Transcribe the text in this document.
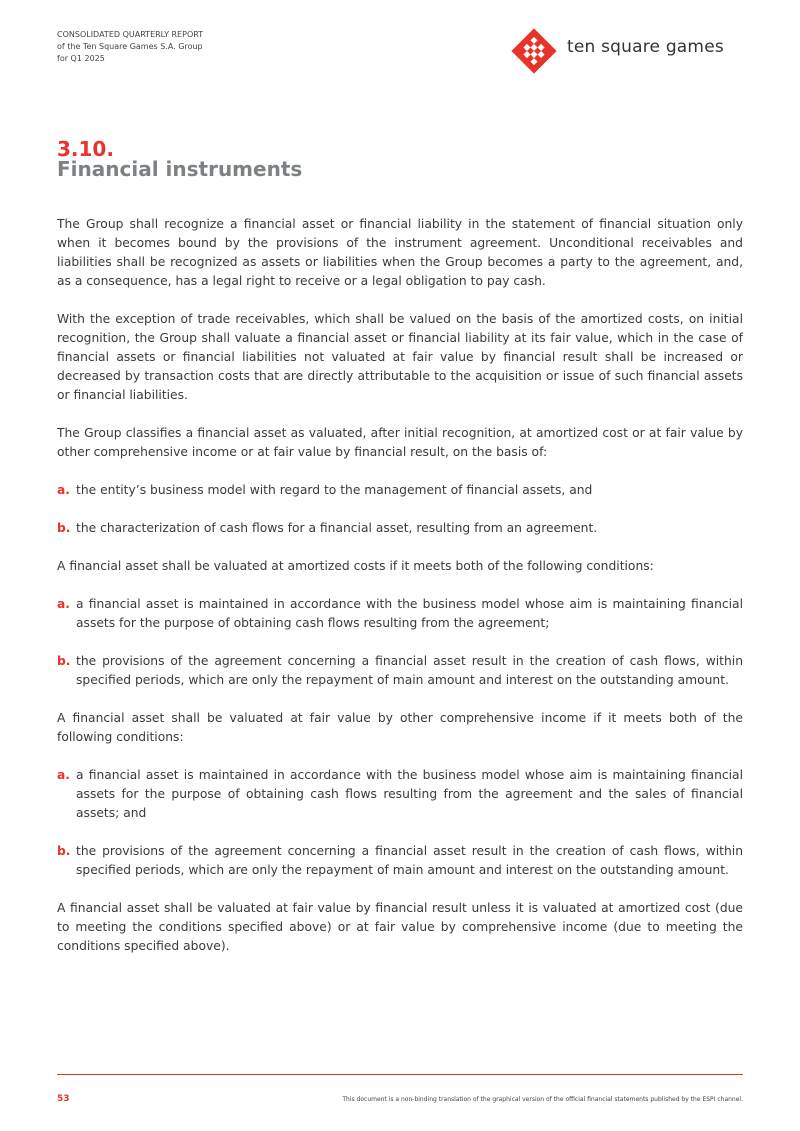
CONSOLIDATED QUARTERLY REPORT
of the Ten Square Games S.A. Group
for Q1 2025
ten square games
3.10.
Financial instruments

The Group shall recognize a financial asset or financial liability in the statement of financial situation only when it becomes bound by the provisions of the instrument agreement. Unconditional receivables and liabilities shall be recognized as assets or liabilities when the Group becomes a party to the agreement, and, as a consequence, has a legal right to receive or a legal obligation to pay cash.

With the exception of trade receivables, which shall be valued on the basis of the amortized costs, on initial recognition, the Group shall valuate a financial asset or financial liability at its fair value, which in the case of financial assets or financial liabilities not valuated at fair value by financial result shall be increased or decreased by transaction costs that are directly attributable to the acquisition or issue of such financial assets or financial liabilities.

The Group classifies a financial asset as valuated, after initial recognition, at amortized cost or at fair value by other comprehensive income or at fair value by financial result, on the basis of:

a. the entity’s business model with regard to the management of financial assets, and
b. the characterization of cash flows for a financial asset, resulting from an agreement.

A financial asset shall be valuated at amortized costs if it meets both of the following conditions:

a. a financial asset is maintained in accordance with the business model whose aim is maintaining financial assets for the purpose of obtaining cash flows resulting from the agreement;
b. the provisions of the agreement concerning a financial asset result in the creation of cash flows, within specified periods, which are only the repayment of main amount and interest on the outstanding amount.

A financial asset shall be valuated at fair value by other comprehensive income if it meets both of the following conditions:

a. a financial asset is maintained in accordance with the business model whose aim is maintaining financial assets for the purpose of obtaining cash flows resulting from the agreement and the sales of financial assets; and
b. the provisions of the agreement concerning a financial asset result in the creation of cash flows, within specified periods, which are only the repayment of main amount and interest on the outstanding amount.

A financial asset shall be valuated at fair value by financial result unless it is valuated at amortized cost (due to meeting the conditions specified above) or at fair value by comprehensive income (due to meeting the conditions specified above).

53	This document is a non-binding translation of the graphical version of the official financial statements published by the ESPI channel.
